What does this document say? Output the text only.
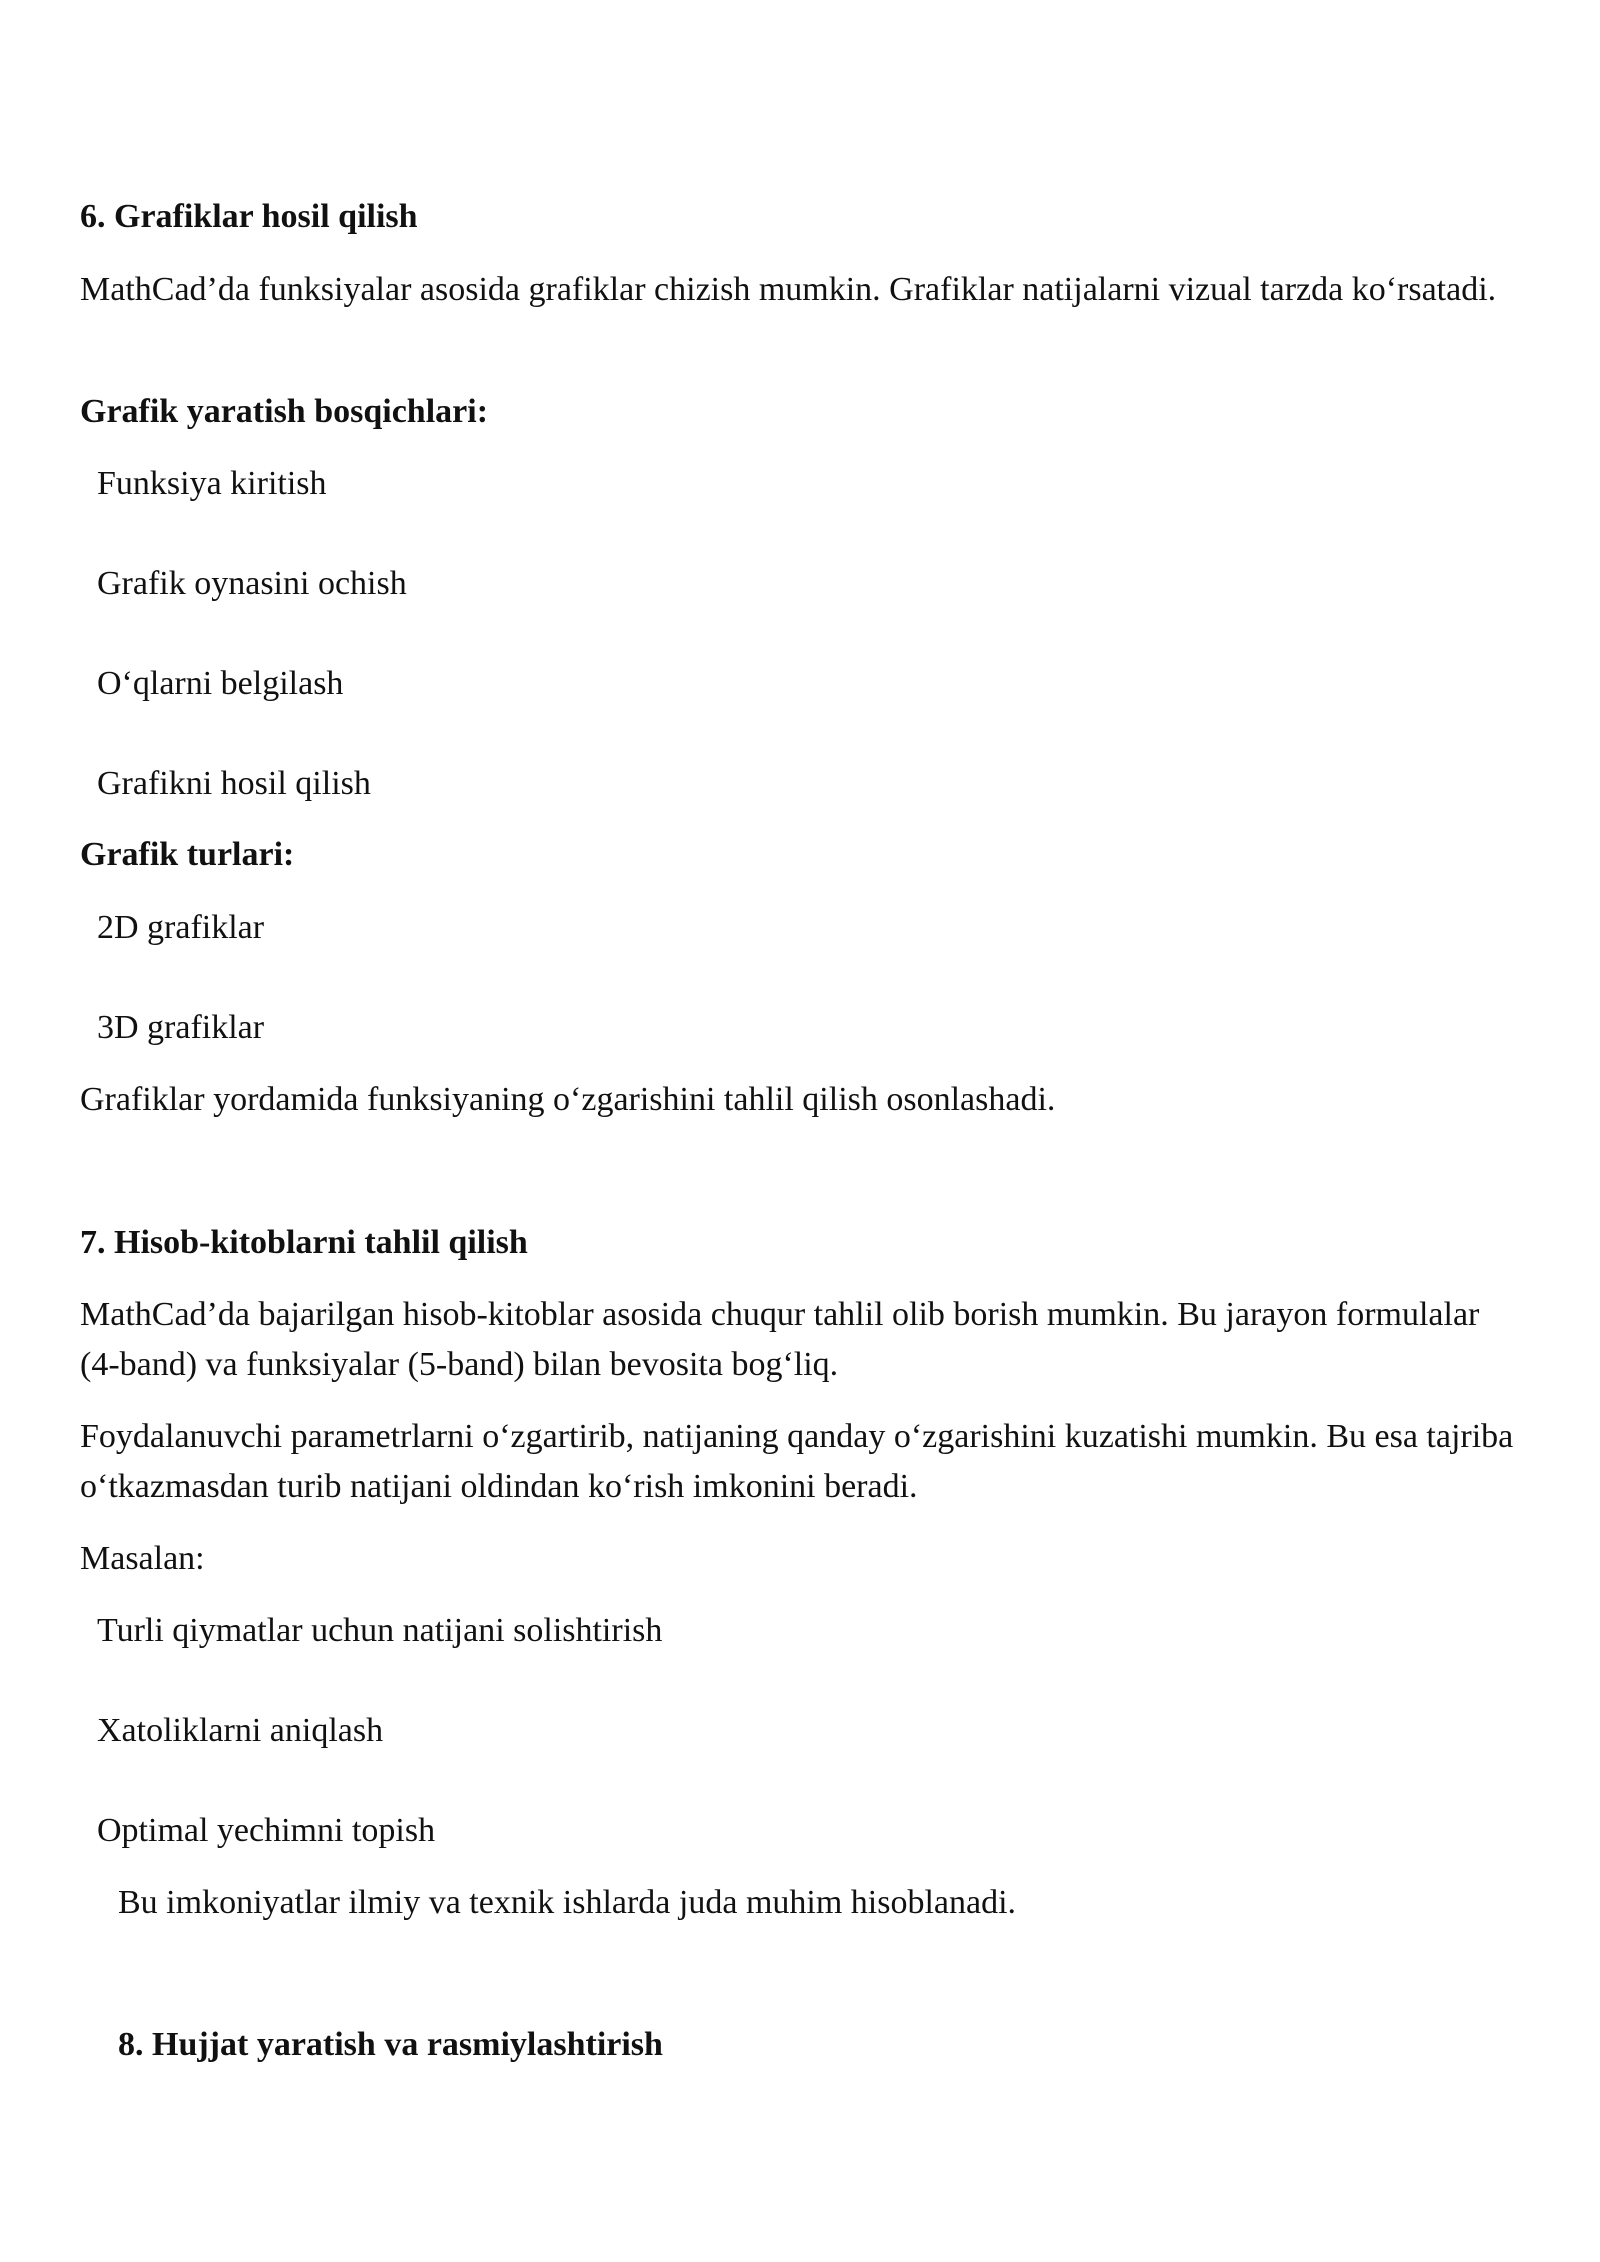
6. Grafiklar hosil qilish

MathCad’da funksiyalar asosida grafiklar chizish mumkin. Grafiklar natijalarni vizual tarzda ko‘rsatadi.

Grafik yaratish bosqichlari:

Funksiya kiritish

Grafik oynasini ochish

O‘qlarni belgilash

Grafikni hosil qilish

Grafik turlari:

2D grafiklar

3D grafiklar

Grafiklar yordamida funksiyaning o‘zgarishini tahlil qilish osonlashadi.

7. Hisob-kitoblarni tahlil qilish

MathCad’da bajarilgan hisob-kitoblar asosida chuqur tahlil olib borish mumkin. Bu jarayon formulalar (4-band) va funksiyalar (5-band) bilan bevosita bog‘liq.

Foydalanuvchi parametrlarni o‘zgartirib, natijaning qanday o‘zgarishini kuzatishi mumkin. Bu esa tajriba o‘tkazmasdan turib natijani oldindan ko‘rish imkonini beradi.

Masalan:

Turli qiymatlar uchun natijani solishtirish

Xatoliklarni aniqlash

Optimal yechimni topish

Bu imkoniyatlar ilmiy va texnik ishlarda juda muhim hisoblanadi.

8. Hujjat yaratish va rasmiylashtirish
